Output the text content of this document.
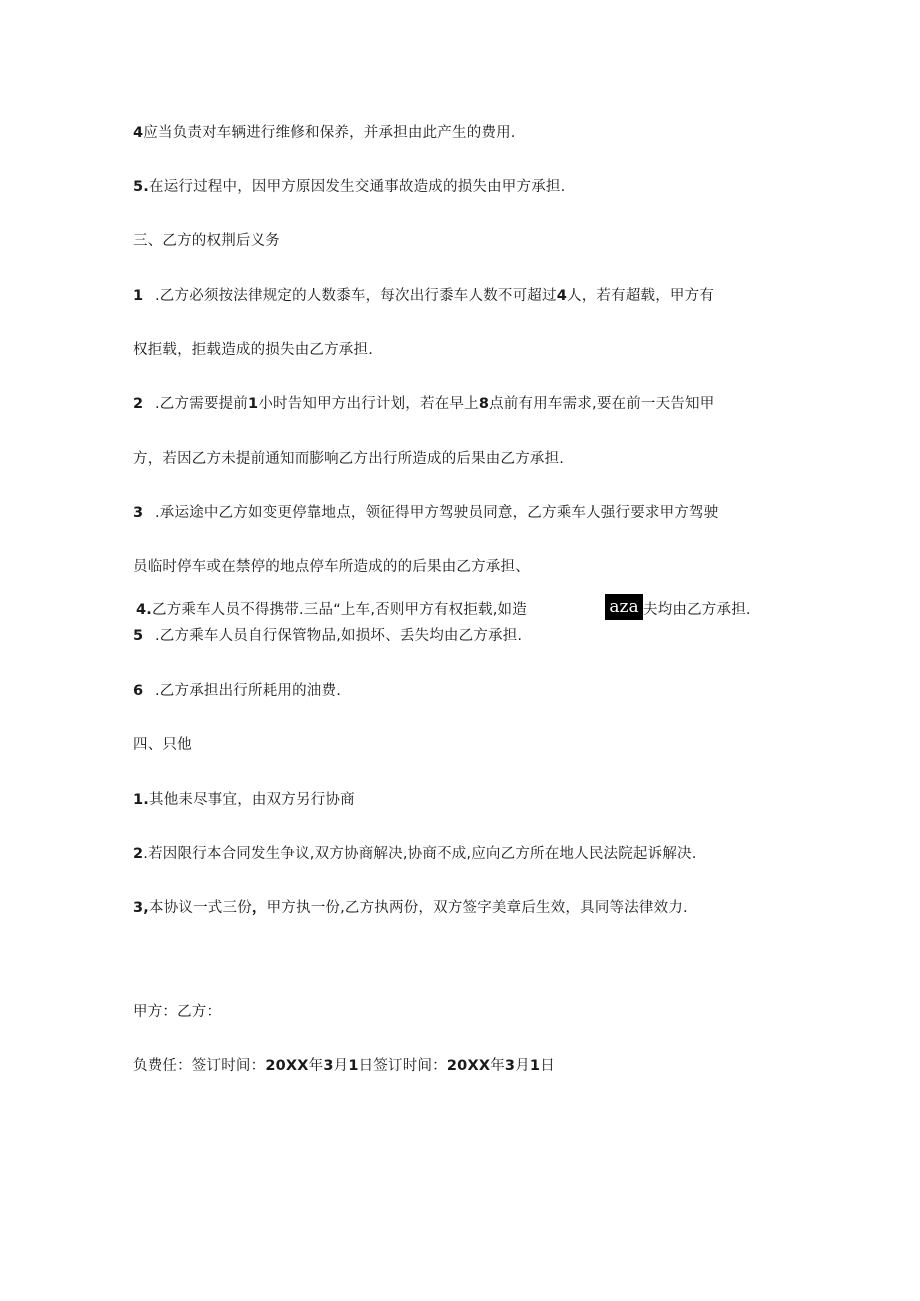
4应当负责对车辆进行维修和保养，并承担由此产生的费用.
5.在运行过程中，因甲方原因发生交通事故造成的损失由甲方承担.
三、乙方的权荆后义务
1 .乙方必须按法律规定的人数黍车，每次出行黍车人数不可超过4人，若有超载，甲方有
权拒载，拒载造成的损失由乙方承担.
2 .乙方需要提前1小时告知甲方出行计划，若在早上8点前有用车需求,要在前一天告知甲
方，若因乙方未提前通知而膨响乙方出行所造成的后果由乙方承担.
3 .承运途中乙方如变更停靠地点，领征得甲方驾驶员同意，乙方乘车人强行要求甲方驾驶
员临时停车或在禁停的地点停车所造成的的后果由乙方承担、
4.乙方乘车人员不得携带.三品“上车,否则甲方有权拒载,如造	aza 夫均由乙方承担.
5 .乙方乘车人员自行保管物品,如损坏、丢失均由乙方承担.
6 .乙方承担出行所耗用的油费.
四、只他
1.其他耒尽事宜，由双方另行协商
2.若因限行本合同发生争议,双方协商解决,协商不成,应向乙方所在地人民法院起诉解决.
3,本协议一式三份，甲方执一份,乙方执两份，双方签字美章后生效，具同等法律效力.
甲方：乙方：
负费任：签订时间：20XX年3月1日签订时间：20XX年3月1日
